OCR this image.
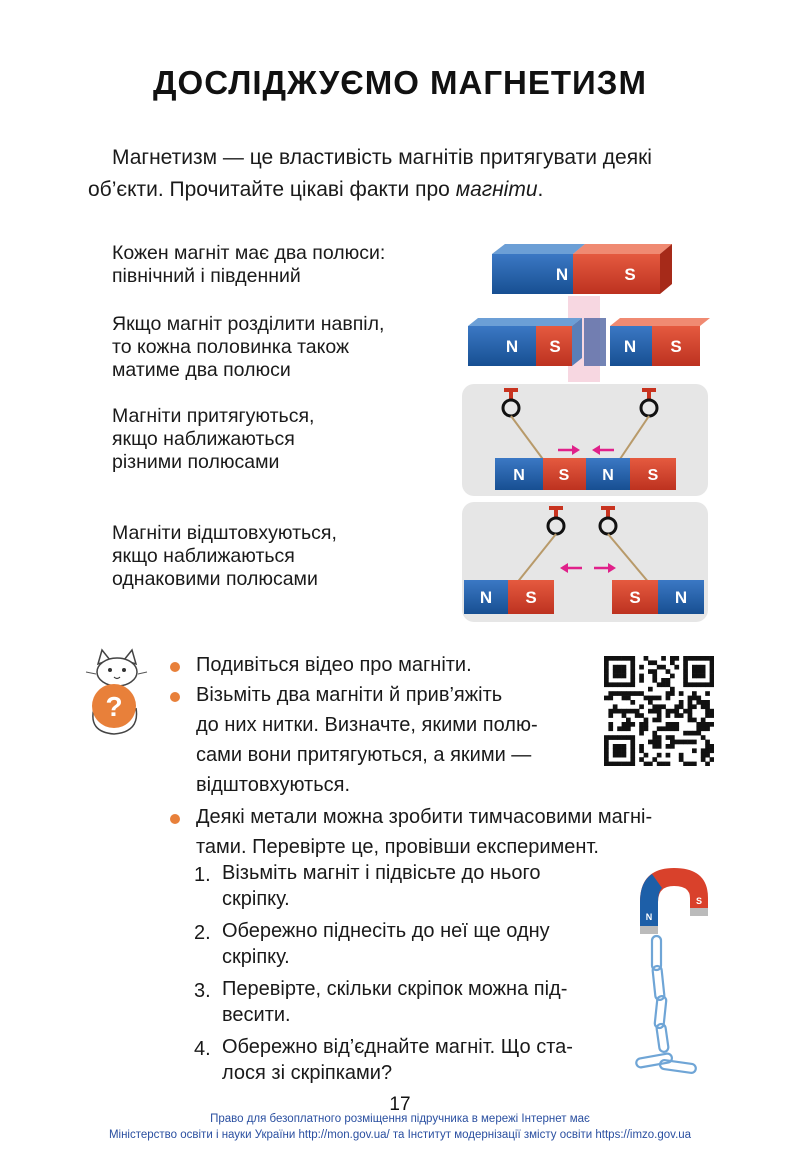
ДОСЛІДЖУЄМО МАГНЕТИЗМ

Магнетизм — це властивість магнітів притягувати деякі

об’єкти. Прочитайте цікаві факти про магніти.

Кожен магніт має два полюси:
північний і південний
Якщо магніт розділити навпіл,
то кожна половинка також
матиме два полюси
Магніти притягуються,
якщо наближаються
різними полюсами
Магніти відштовхуються,
якщо наближаються
однаковими полюсами
N	S
N S	N S
N S N S
N S	S N
?
Подивіться відео про магніти.
Візьміть два магніти й прив’яжіть
до них нитки. Визначте, якими полю-
сами вони притягуються, а якими —
відштовхуються.
Деякі метали можна зробити тимчасовими магні-
тами. Перевірте це, провівши експеримент.
1. Візьміть магніт і підвісьте до нього
скріпку.
2. Обережно піднесіть до неї ще одну
скріпку.
3. Перевірте, скільки скріпок можна під-
весити.
4. Обережно від’єднайте магніт. Що ста-
лося зі скріпками?
N
S
17
Право для безоплатного розміщення підручника в мережі Інтернет має
Міністерство освіти і науки України http://mon.gov.ua/ та Інститут модернізації змісту освіти https://imzo.gov.ua
